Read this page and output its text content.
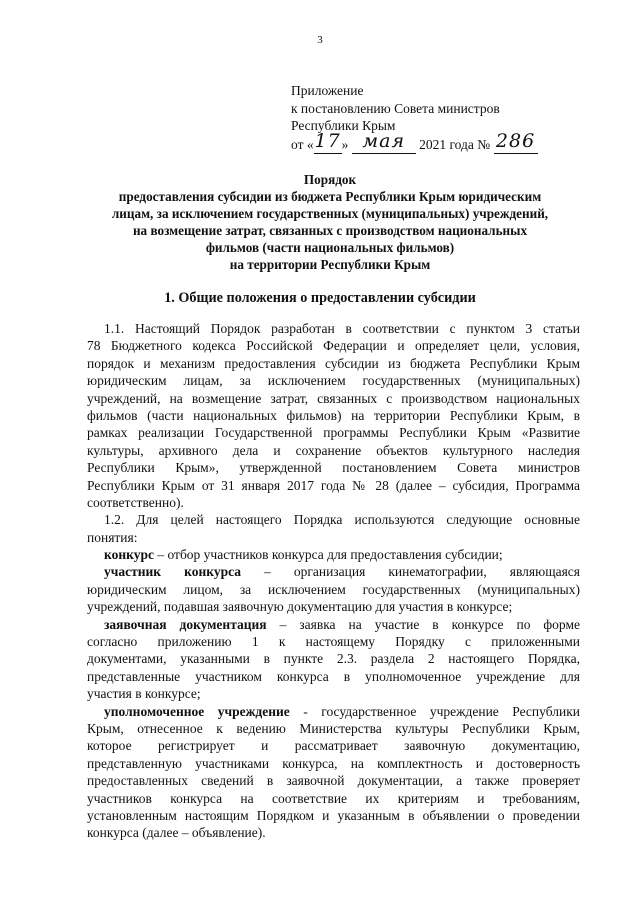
3
Приложение
к постановлению Совета министров
Республики Крым
от «17» мая 2021 года № 286
Порядок
предоставления субсидии из бюджета Республики Крым юридическим
лицам, за исключением государственных (муниципальных) учреждений,
на возмещение затрат, связанных с производством национальных
фильмов (части национальных фильмов)
на территории Республики Крым
1. Общие положения о предоставлении субсидии
1.1. Настоящий Порядок разработан в соответствии с пунктом 3 статьи
78 Бюджетного кодекса Российской Федерации и определяет цели, условия,
порядок и механизм предоставления субсидии из бюджета Республики Крым
юридическим лицам, за исключением государственных (муниципальных)
учреждений, на возмещение затрат, связанных с производством национальных
фильмов (части национальных фильмов) на территории Республики Крым, в
рамках реализации Государственной программы Республики Крым «Развитие
культуры, архивного дела и сохранение объектов культурного наследия
Республики Крым», утвержденной постановлением Совета министров
Республики Крым от 31 января 2017 года № 28 (далее – субсидия, Программа
соответственно).
1.2. Для целей настоящего Порядка используются следующие основные
понятия:
конкурс – отбор участников конкурса для предоставления субсидии;
участник конкурса – организация кинематографии, являющаяся
юридическим лицом, за исключением государственных (муниципальных)
учреждений, подавшая заявочную документацию для участия в конкурсе;
заявочная документация – заявка на участие в конкурсе по форме
согласно приложению 1 к настоящему Порядку с приложенными
документами, указанными в пункте 2.3. раздела 2 настоящего Порядка,
представленные участником конкурса в уполномоченное учреждение для
участия в конкурсе;
уполномоченное учреждение - государственное учреждение Республики
Крым, отнесенное к ведению Министерства культуры Республики Крым,
которое регистрирует и рассматривает заявочную документацию,
представленную участниками конкурса, на комплектность и достоверность
предоставленных сведений в заявочной документации, а также проверяет
участников конкурса на соответствие их критериям и требованиям,
установленным настоящим Порядком и указанным в объявлении о проведении
конкурса (далее – объявление).
